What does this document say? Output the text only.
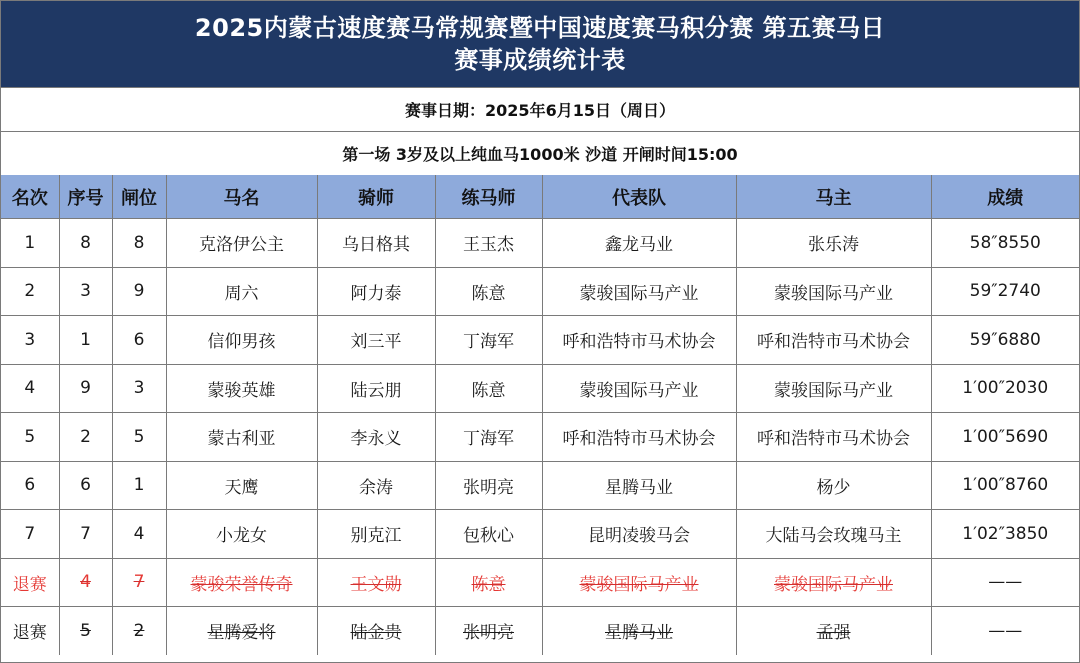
2025内蒙古速度赛马常规赛暨中国速度赛马积分赛 第五赛马日
赛事成绩统计表
赛事日期：2025年6月15日（周日）
第一场 3岁及以上纯血马1000米 沙道 开闸时间15:00
名次	序号	闸位	马名	骑师	练马师	代表队	马主	成绩
1	8	8	克洛伊公主	乌日格其	王玉杰	鑫龙马业	张乐涛	58″8550
2	3	9	周六	阿力泰	陈意	蒙骏国际马产业	蒙骏国际马产业	59″2740
3	1	6	信仰男孩	刘三平	丁海军	呼和浩特市马术协会	呼和浩特市马术协会	59″6880
4	9	3	蒙骏英雄	陆云朋	陈意	蒙骏国际马产业	蒙骏国际马产业	1′00″2030
5	2	5	蒙古利亚	李永义	丁海军	呼和浩特市马术协会	呼和浩特市马术协会	1′00″5690
6	6	1	天鹰	余涛	张明亮	星腾马业	杨少	1′00″8760
7	7	4	小龙女	别克江	包秋心	昆明凌骏马会	大陆马会玫瑰马主	1′02″3850
退赛	4	7	蒙骏荣誉传奇	王文勋	陈意	蒙骏国际马产业	蒙骏国际马产业	——
退赛	5	2	星腾爱将	陆金贵	张明亮	星腾马业	孟强	——
